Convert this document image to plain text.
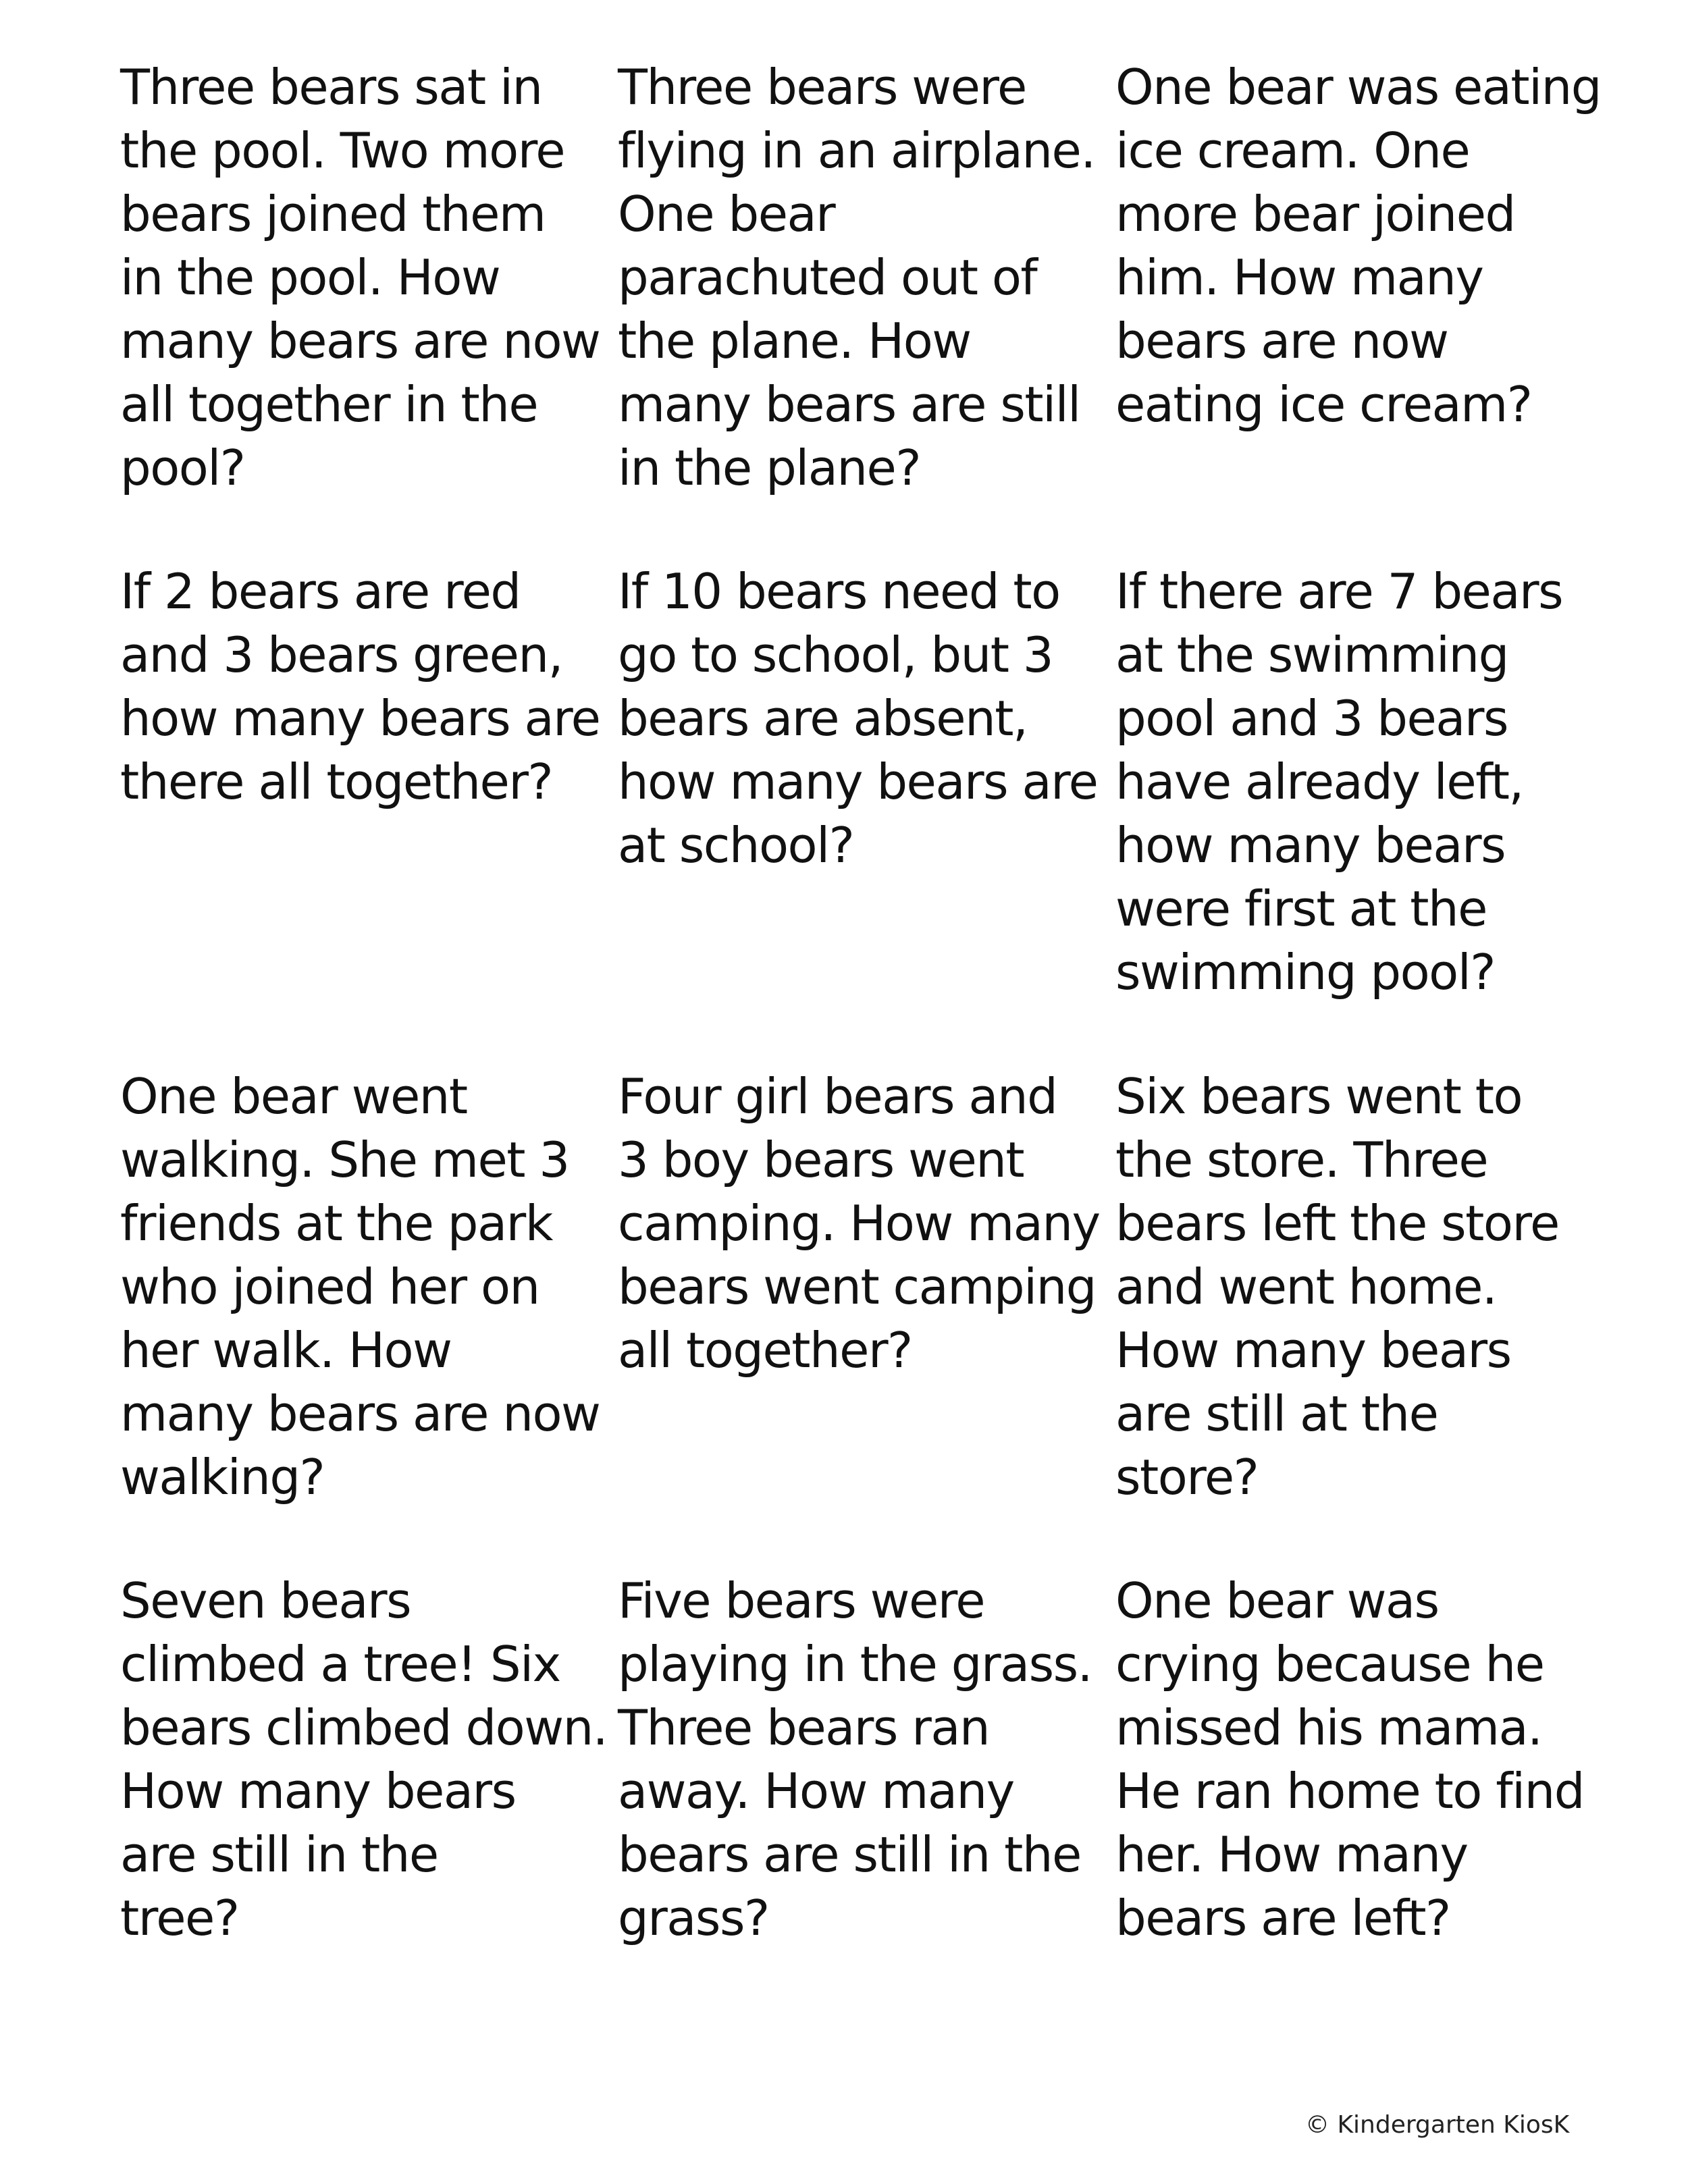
Three bears sat in
the pool. Two more
bears joined them
in the pool. How
many bears are now
all together in the
pool?
Three bears were
flying in an airplane.
One bear
parachuted out of
the plane. How
many bears are still
in the plane?
One bear was eating
ice cream. One
more bear joined
him. How many
bears are now
eating ice cream?
If 2 bears are red
and 3 bears green,
how many bears are
there all together?
If 10 bears need to
go to school, but 3
bears are absent,
how many bears are
at school?
If there are 7 bears
at the swimming
pool and 3 bears
have already left,
how many bears
were first at the
swimming pool?
One bear went
walking. She met 3
friends at the park
who joined her on
her walk. How
many bears are now
walking?
Four girl bears and
3 boy bears went
camping. How many
bears went camping
all together?
Six bears went to
the store. Three
bears left the store
and went home.
How many bears
are still at the
store?
Seven bears
climbed a tree! Six
bears climbed down.
How many bears
are still in the
tree?
Five bears were
playing in the grass.
Three bears ran
away. How many
bears are still in the
grass?
One bear was
crying because he
missed his mama.
He ran home to find
her. How many
bears are left?
© Kindergarten KiosK
